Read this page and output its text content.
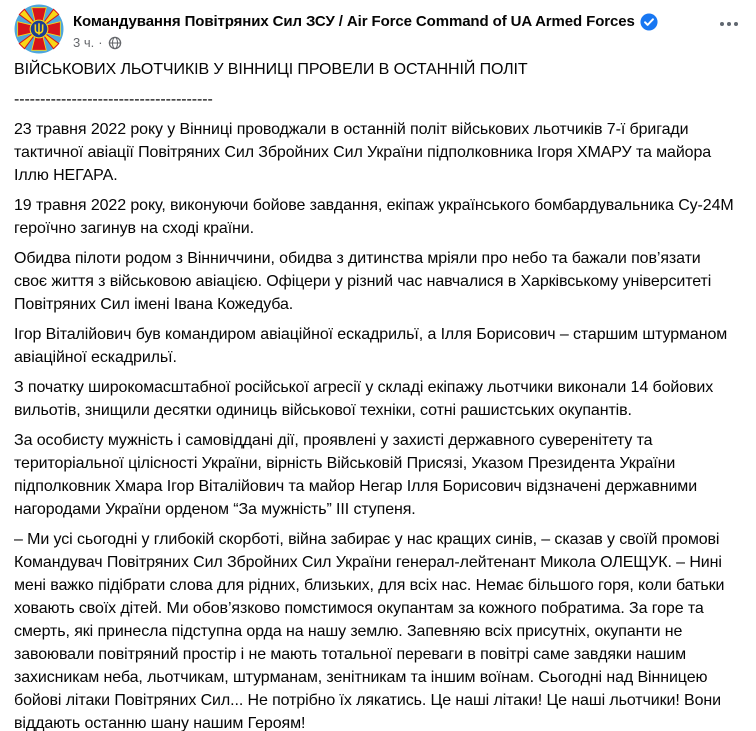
Командування Повітряних Сил ЗСУ / Air Force Command of UA Armed Forces
3 ч. ·

ВІЙСЬКОВИХ ЛЬОТЧИКІВ У ВІННИЦІ ПРОВЕЛИ В ОСТАННІЙ ПОЛІТ

--------------------------------------

23 травня 2022 року у Вінниці проводжали в останній політ військових льотчиків 7-ї бригади тактичної авіації Повітряних Сил Збройних Сил України підполковника Ігоря ХМАРУ та майора Іллю НЕГАРА.

19 травня 2022 року, виконуючи бойове завдання, екіпаж українського бомбардувальника Су-24М героїчно загинув на сході країни.

Обидва пілоти родом з Вінниччини, обидва з дитинства мріяли про небо та бажали пов’язати своє життя з військовою авіацією. Офіцери у різний час навчалися в Харківському університеті Повітряних Сил імені Івана Кожедуба.

Ігор Віталійович був командиром авіаційної ескадрильї, а Ілля Борисович – старшим штурманом авіаційної ескадрильї.

З початку широкомасштабної російської агресії у складі екіпажу льотчики виконали 14 бойових вильотів, знищили десятки одиниць військової техніки, сотні рашистських окупантів.

За особисту мужність і самовіддані дії, проявлені у захисті державного суверенітету та територіальної цілісності України, вірність Військовій Присязі, Указом Президента України підполковник Хмара Ігор Віталійович та майор Негар Ілля Борисович відзначені державними нагородами України орденом “За мужність” ІІІ ступеня.

– Ми усі сьогодні у глибокій скорботі, війна забирає у нас кращих синів, – сказав у своїй промові Командувач Повітряних Сил Збройних Сил України генерал-лейтенант Микола ОЛЕЩУК. – Нині мені важко підібрати слова для рідних, близьких, для всіх нас. Немає більшого горя, коли батьки ховають своїх дітей. Ми обов’язково помстимося окупантам за кожного побратима. За горе та смерть, які принесла підступна орда на нашу землю. Запевняю всіх присутніх, окупанти не завоювали повітряний простір і не мають тотальної переваги в повітрі саме завдяки нашим захисникам неба, льотчикам, штурманам, зенітникам та іншим воїнам. Сьогодні над Вінницею бойові літаки Повітряних Сил... Не потрібно їх лякатись. Це наші літаки! Це наші льотчики! Вони віддають останню шану нашим Героям!
